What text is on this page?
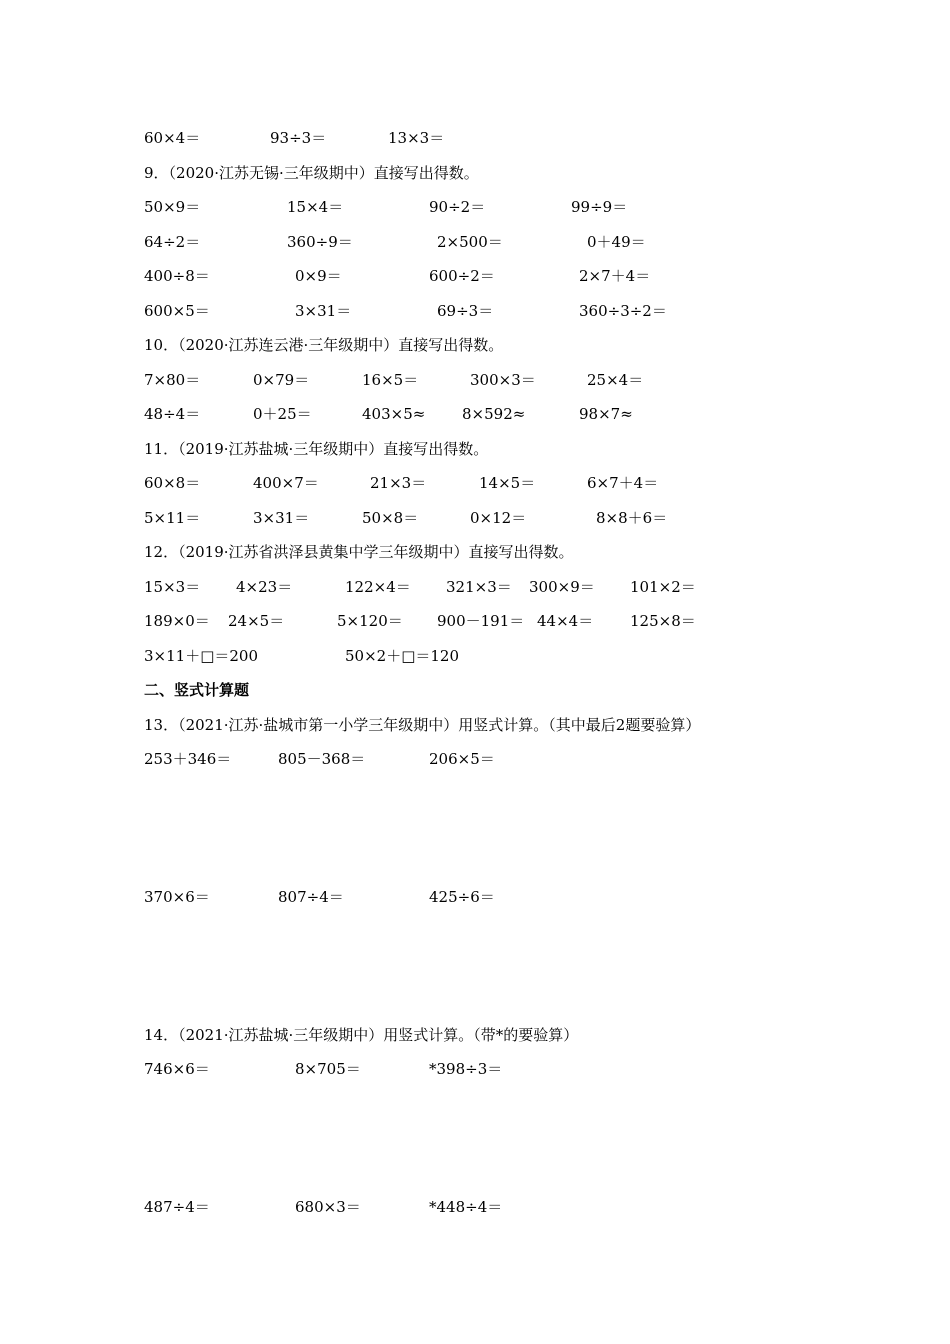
60×4＝	93÷3＝	13×3＝
9．（2020·江苏无锡·三年级期中）直接写出得数。
50×9＝	15×4＝	90÷2＝	99÷9＝
64÷2＝	360÷9＝	2×500＝	0＋49＝
400÷8＝	0×9＝	600÷2＝	2×7＋4＝
600×5＝	3×31＝	69÷3＝	360÷3÷2＝
10．（2020·江苏连云港·三年级期中）直接写出得数。
7×80＝	0×79＝	16×5＝	300×3＝	25×4＝
48÷4＝	0＋25＝	403×5≈ 8×592≈	98×7≈
11．（2019·江苏盐城·三年级期中）直接写出得数。
60×8＝	400×7＝	21×3＝	14×5＝	6×7＋4＝
5×11＝	3×31＝	50×8＝	0×12＝	8×8＋6＝
12．（2019·江苏省洪泽县黄集中学三年级期中）直接写出得数。
15×3＝ 4×23＝	122×4＝ 321×3＝ 300×9＝ 101×2＝
189×0＝ 24×5＝	5×120＝ 900－191＝ 44×4＝ 125×8＝
3×11＋□＝200	50×2＋□＝120
二、竖式计算题
13．（2021·江苏·盐城市第一小学三年级期中）用竖式计算。（其中最后2题要验算）
253＋346＝	805－368＝	206×5＝
370×6＝	807÷4＝	425÷6＝
14．（2021·江苏盐城·三年级期中）用竖式计算。（带*的要验算）
746×6＝	8×705＝	*398÷3＝
487÷4＝	680×3＝	*448÷4＝
